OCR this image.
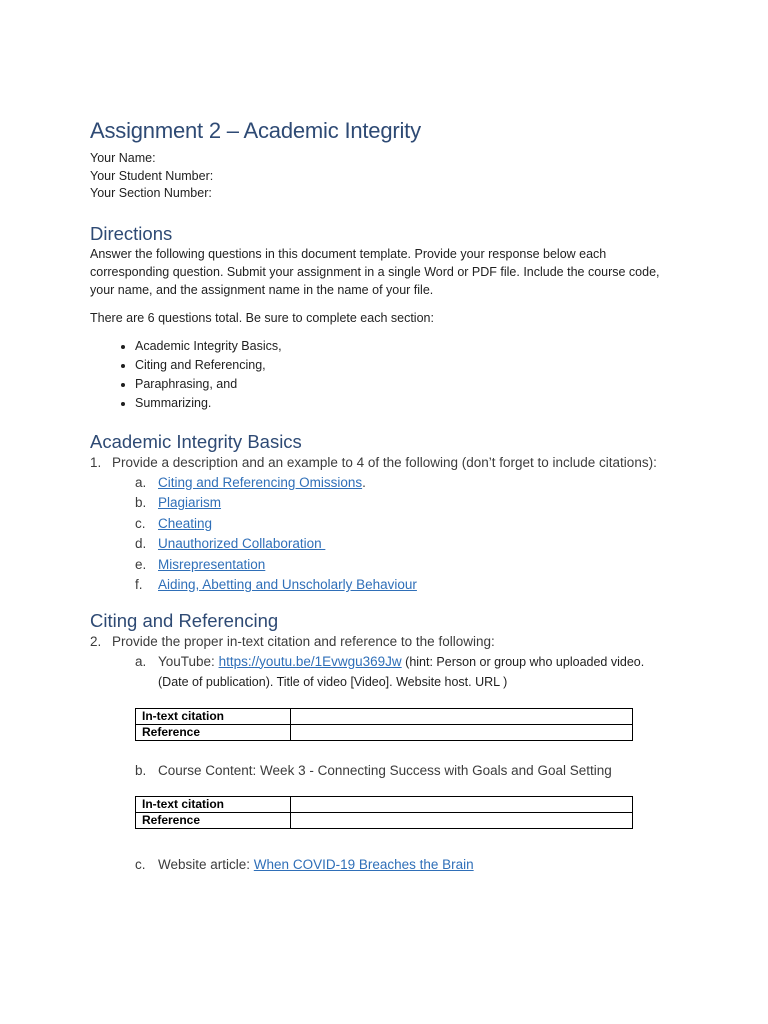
Assignment 2 – Academic Integrity
Your Name:
Your Student Number:
Your Section Number:
Directions

Answer the following questions in this document template. Provide your response below each corresponding question. Submit your assignment in a single Word or PDF file. Include the course code, your name, and the assignment name in the name of your file.

There are 6 questions total. Be sure to complete each section:

• Academic Integrity Basics,
• Citing and Referencing,
• Paraphrasing, and
• Summarizing.
Academic Integrity Basics
1. Provide a description and an example to 4 of the following (don’t forget to include citations):
a. Citing and Referencing Omissions.
b. Plagiarism
c. Cheating
d. Unauthorized Collaboration
e. Misrepresentation
f.	Aiding, Abetting and Unscholarly Behaviour
Citing and Referencing
2. Provide the proper in-text citation and reference to the following:
a. YouTube: https://youtu.be/1Evwgu369Jw (hint: Person or group who uploaded video. (Date of publication). Title of video [Video]. Website host. URL )
In-text citation	
Reference	
b. Course Content: Week 3 - Connecting Success with Goals and Goal Setting
In-text citation	
Reference	
c. Website article: When COVID-19 Breaches the Brain
